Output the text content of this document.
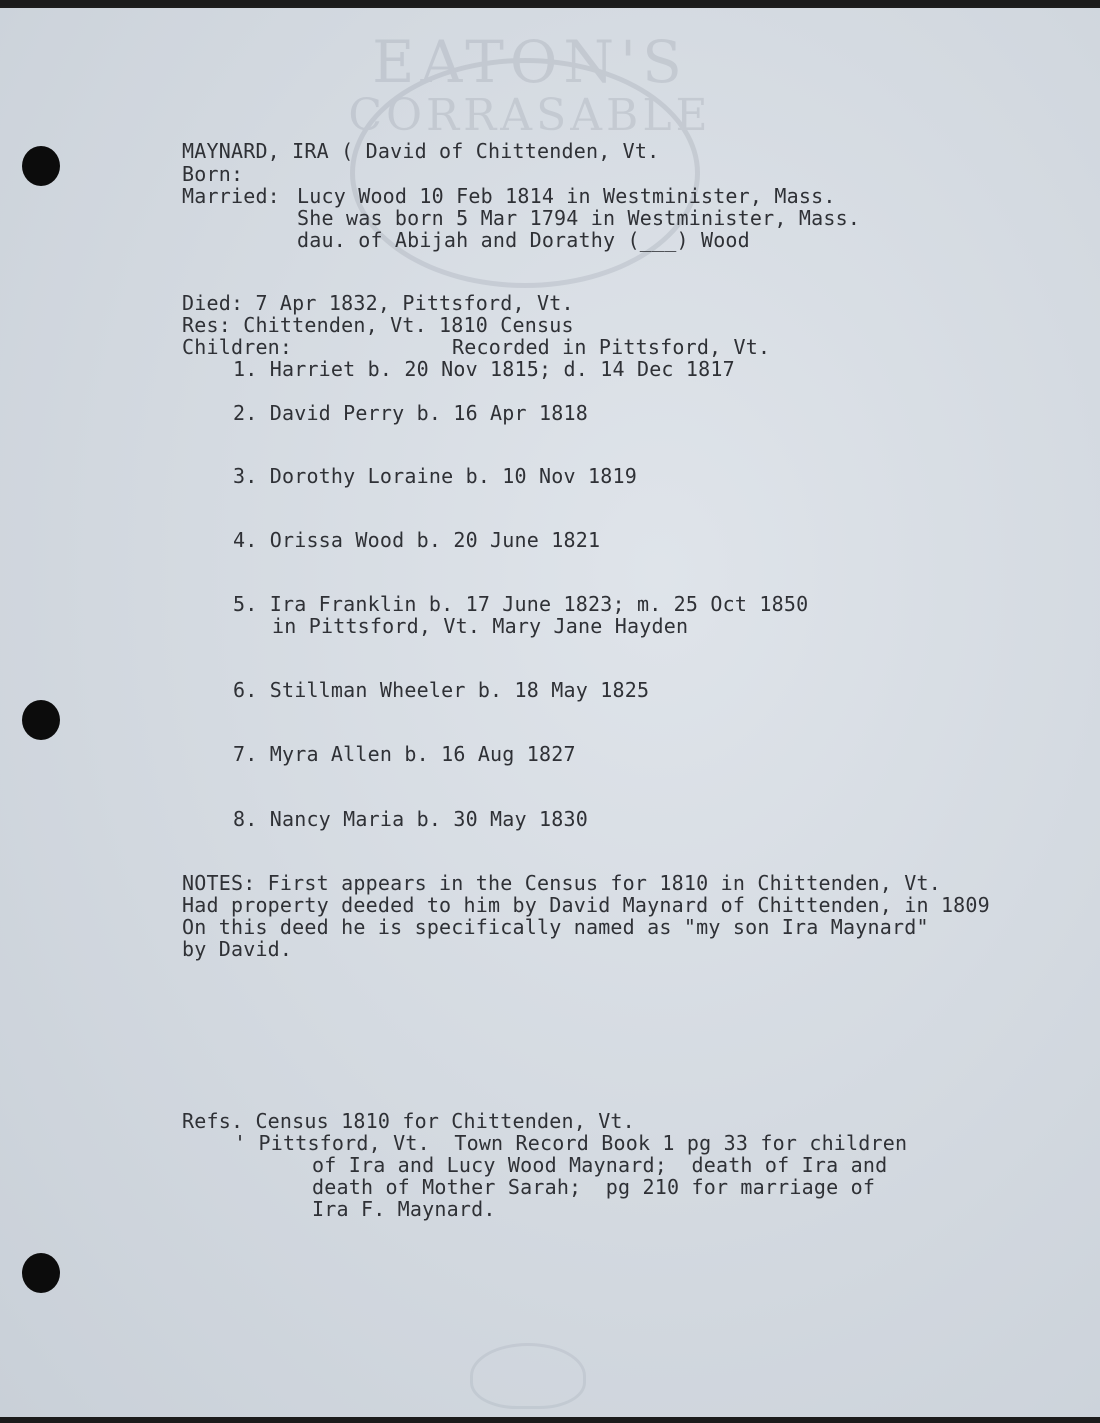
EATON'S
CORRASABLE
MAYNARD, IRA ( David of Chittenden, Vt.
Born:
Married: Lucy Wood 10 Feb 1814 in Westminister, Mass.
She was born 5 Mar 1794 in Westminister, Mass.
dau. of Abijah and Dorathy (___) Wood
Died: 7 Apr 1832, Pittsford, Vt.
Res: Chittenden, Vt. 1810 Census
Children:	Recorded in Pittsford, Vt.
1. Harriet b. 20 Nov 1815; d. 14 Dec 1817
2. David Perry b. 16 Apr 1818
3. Dorothy Loraine b. 10 Nov 1819
4. Orissa Wood b. 20 June 1821
5. Ira Franklin b. 17 June 1823; m. 25 Oct 1850
in Pittsford, Vt. Mary Jane Hayden
6. Stillman Wheeler b. 18 May 1825
7. Myra Allen b. 16 Aug 1827
8. Nancy Maria b. 30 May 1830
NOTES: First appears in the Census for 1810 in Chittenden, Vt.
Had property deeded to him by David Maynard of Chittenden, in 1809
On this deed he is specifically named as "my son Ira Maynard"
by David.
Refs. Census 1810 for Chittenden, Vt.
' Pittsford, Vt.  Town Record Book 1 pg 33 for children
of Ira and Lucy Wood Maynard;  death of Ira and
death of Mother Sarah;  pg 210 for marriage of
Ira F. Maynard.
